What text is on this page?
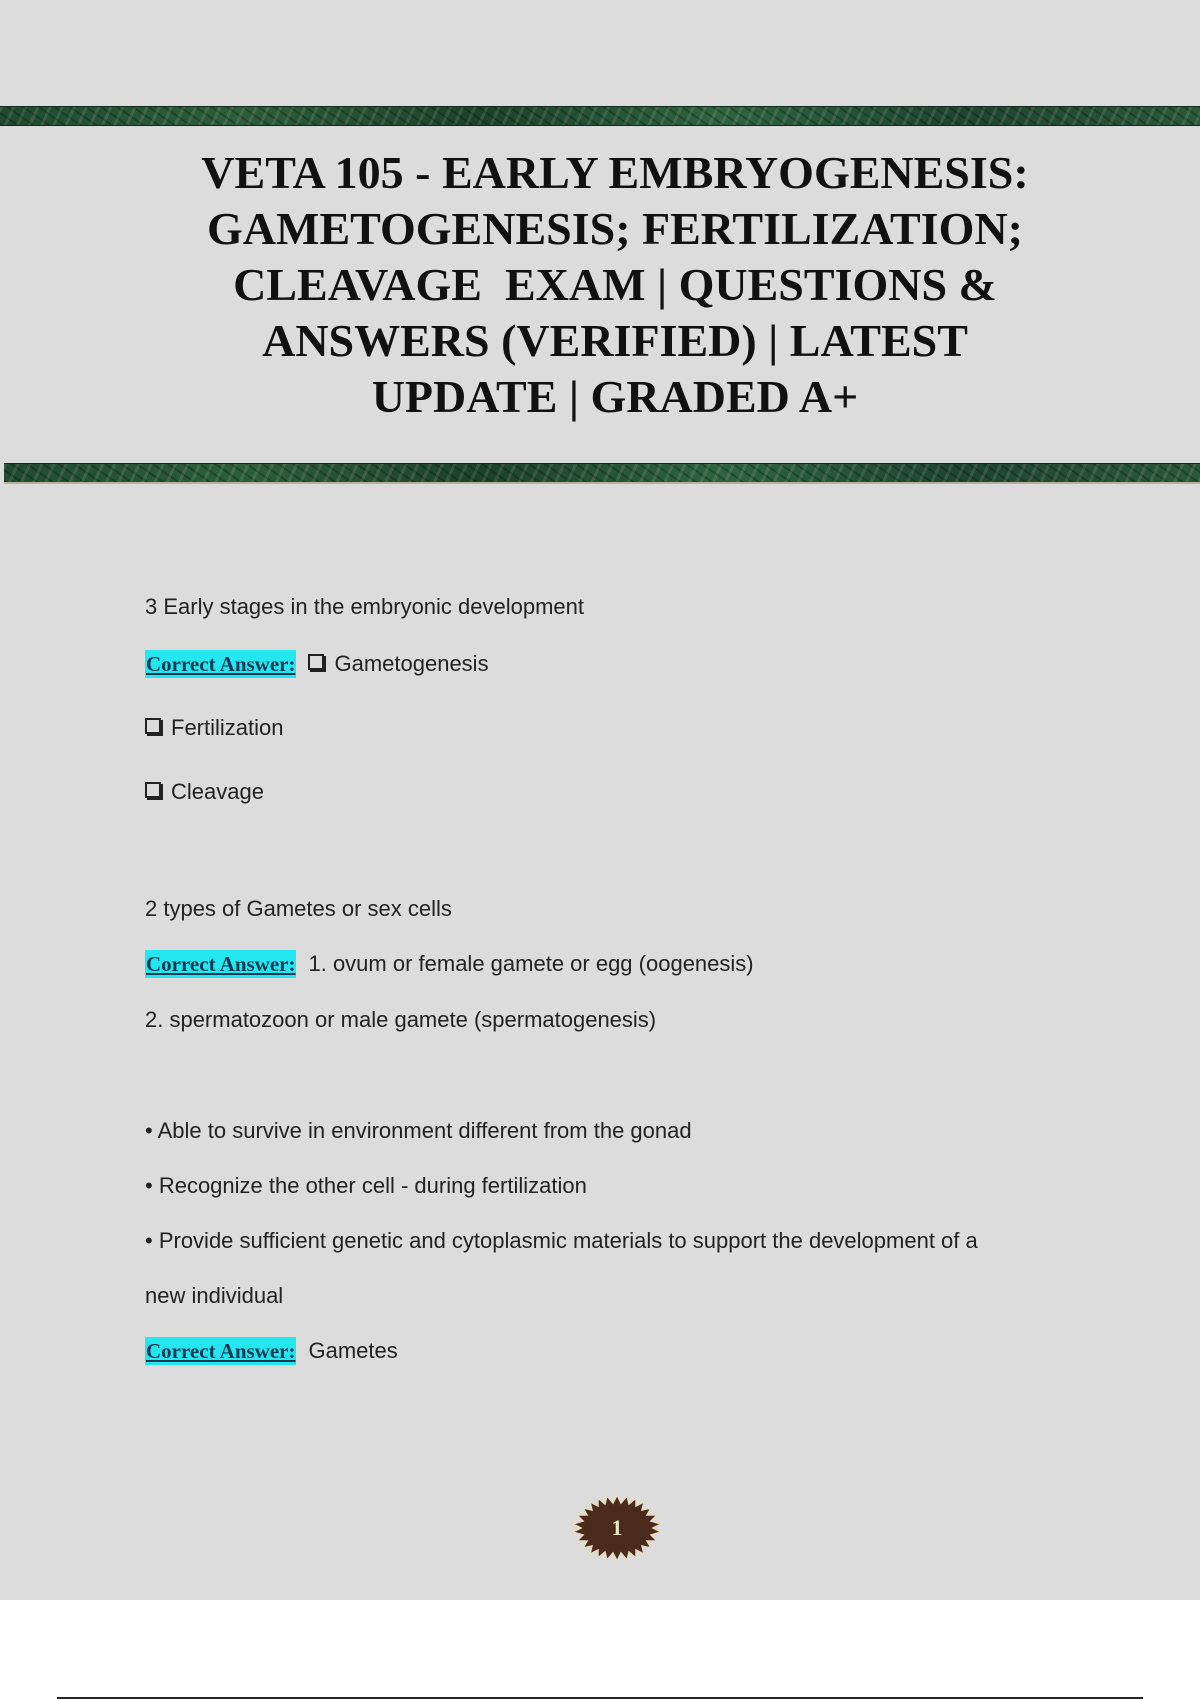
VETA 105 - EARLY EMBRYOGENESIS:
GAMETOGENESIS; FERTILIZATION;
CLEAVAGE  EXAM | QUESTIONS &
ANSWERS (VERIFIED) | LATEST
UPDATE | GRADED A+

3 Early stages in the embryonic development

Correct Answer: Gametogenesis

Fertilization

Cleavage

2 types of Gametes or sex cells

Correct Answer: 1. ovum or female gamete or egg (oogenesis)

2. spermatozoon or male gamete (spermatogenesis)

• Able to survive in environment different from the gonad

• Recognize the other cell - during fertilization

• Provide sufficient genetic and cytoplasmic materials to support the development of a

new individual

Correct Answer: Gametes

1
